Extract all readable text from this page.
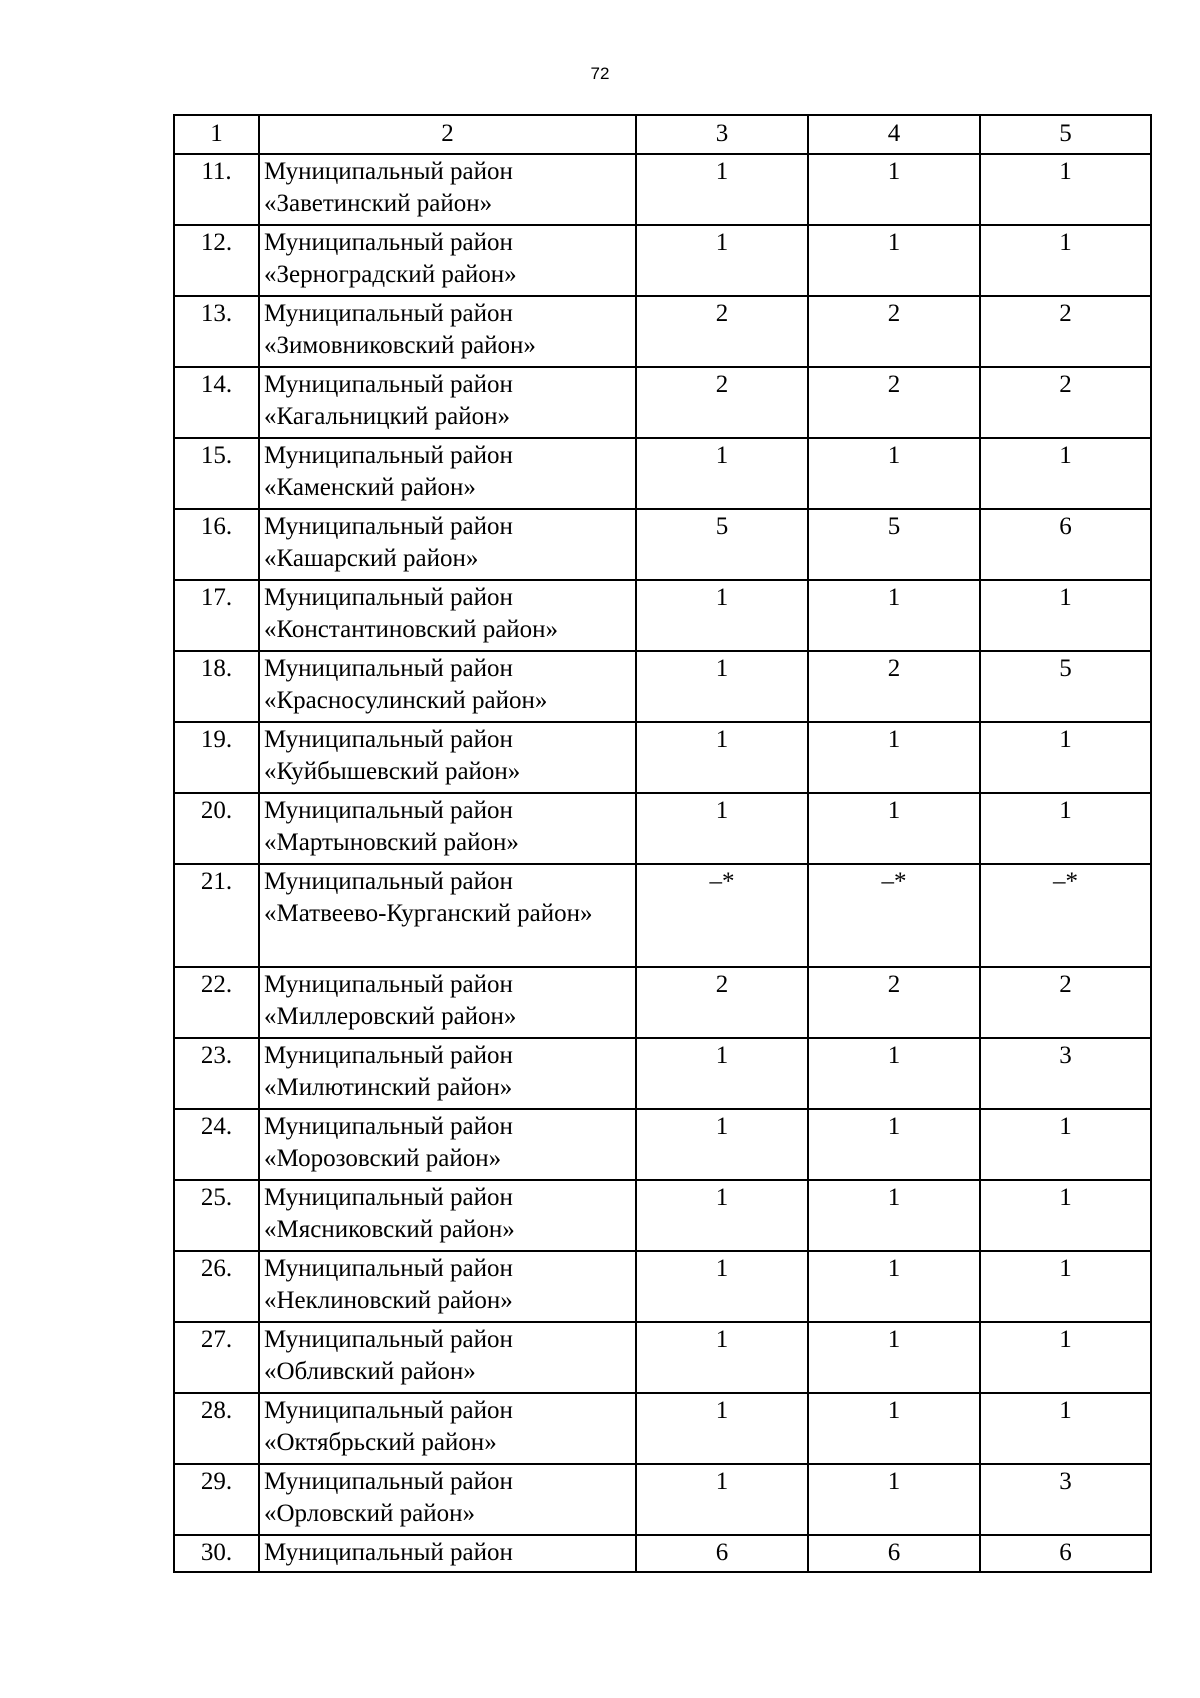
72
1	2	3	4	5
11.	Муниципальный район «Заветинский район»	1	1	1
12.	Муниципальный район «Зерноградский район»	1	1	1
13.	Муниципальный район «Зимовниковский район»	2	2	2
14.	Муниципальный район «Кагальницкий район»	2	2	2
15.	Муниципальный район «Каменский район»	1	1	1
16.	Муниципальный район «Кашарский район»	5	5	6
17.	Муниципальный район «Константиновский район»	1	1	1
18.	Муниципальный район «Красносулинский район»	1	2	5
19.	Муниципальный район «Куйбышевский район»	1	1	1
20.	Муниципальный район «Мартыновский район»	1	1	1
21.	Муниципальный район «Матвеево-Курганский район»	–*	–*	–*
22.	Муниципальный район «Миллеровский район»	2	2	2
23.	Муниципальный район «Милютинский район»	1	1	3
24.	Муниципальный район «Морозовский район»	1	1	1
25.	Муниципальный район «Мясниковский район»	1	1	1
26.	Муниципальный район «Неклиновский район»	1	1	1
27.	Муниципальный район «Обливский район»	1	1	1
28.	Муниципальный район «Октябрьский район»	1	1	1
29.	Муниципальный район «Орловский район»	1	1	3
30.	Муниципальный район	6	6	6
